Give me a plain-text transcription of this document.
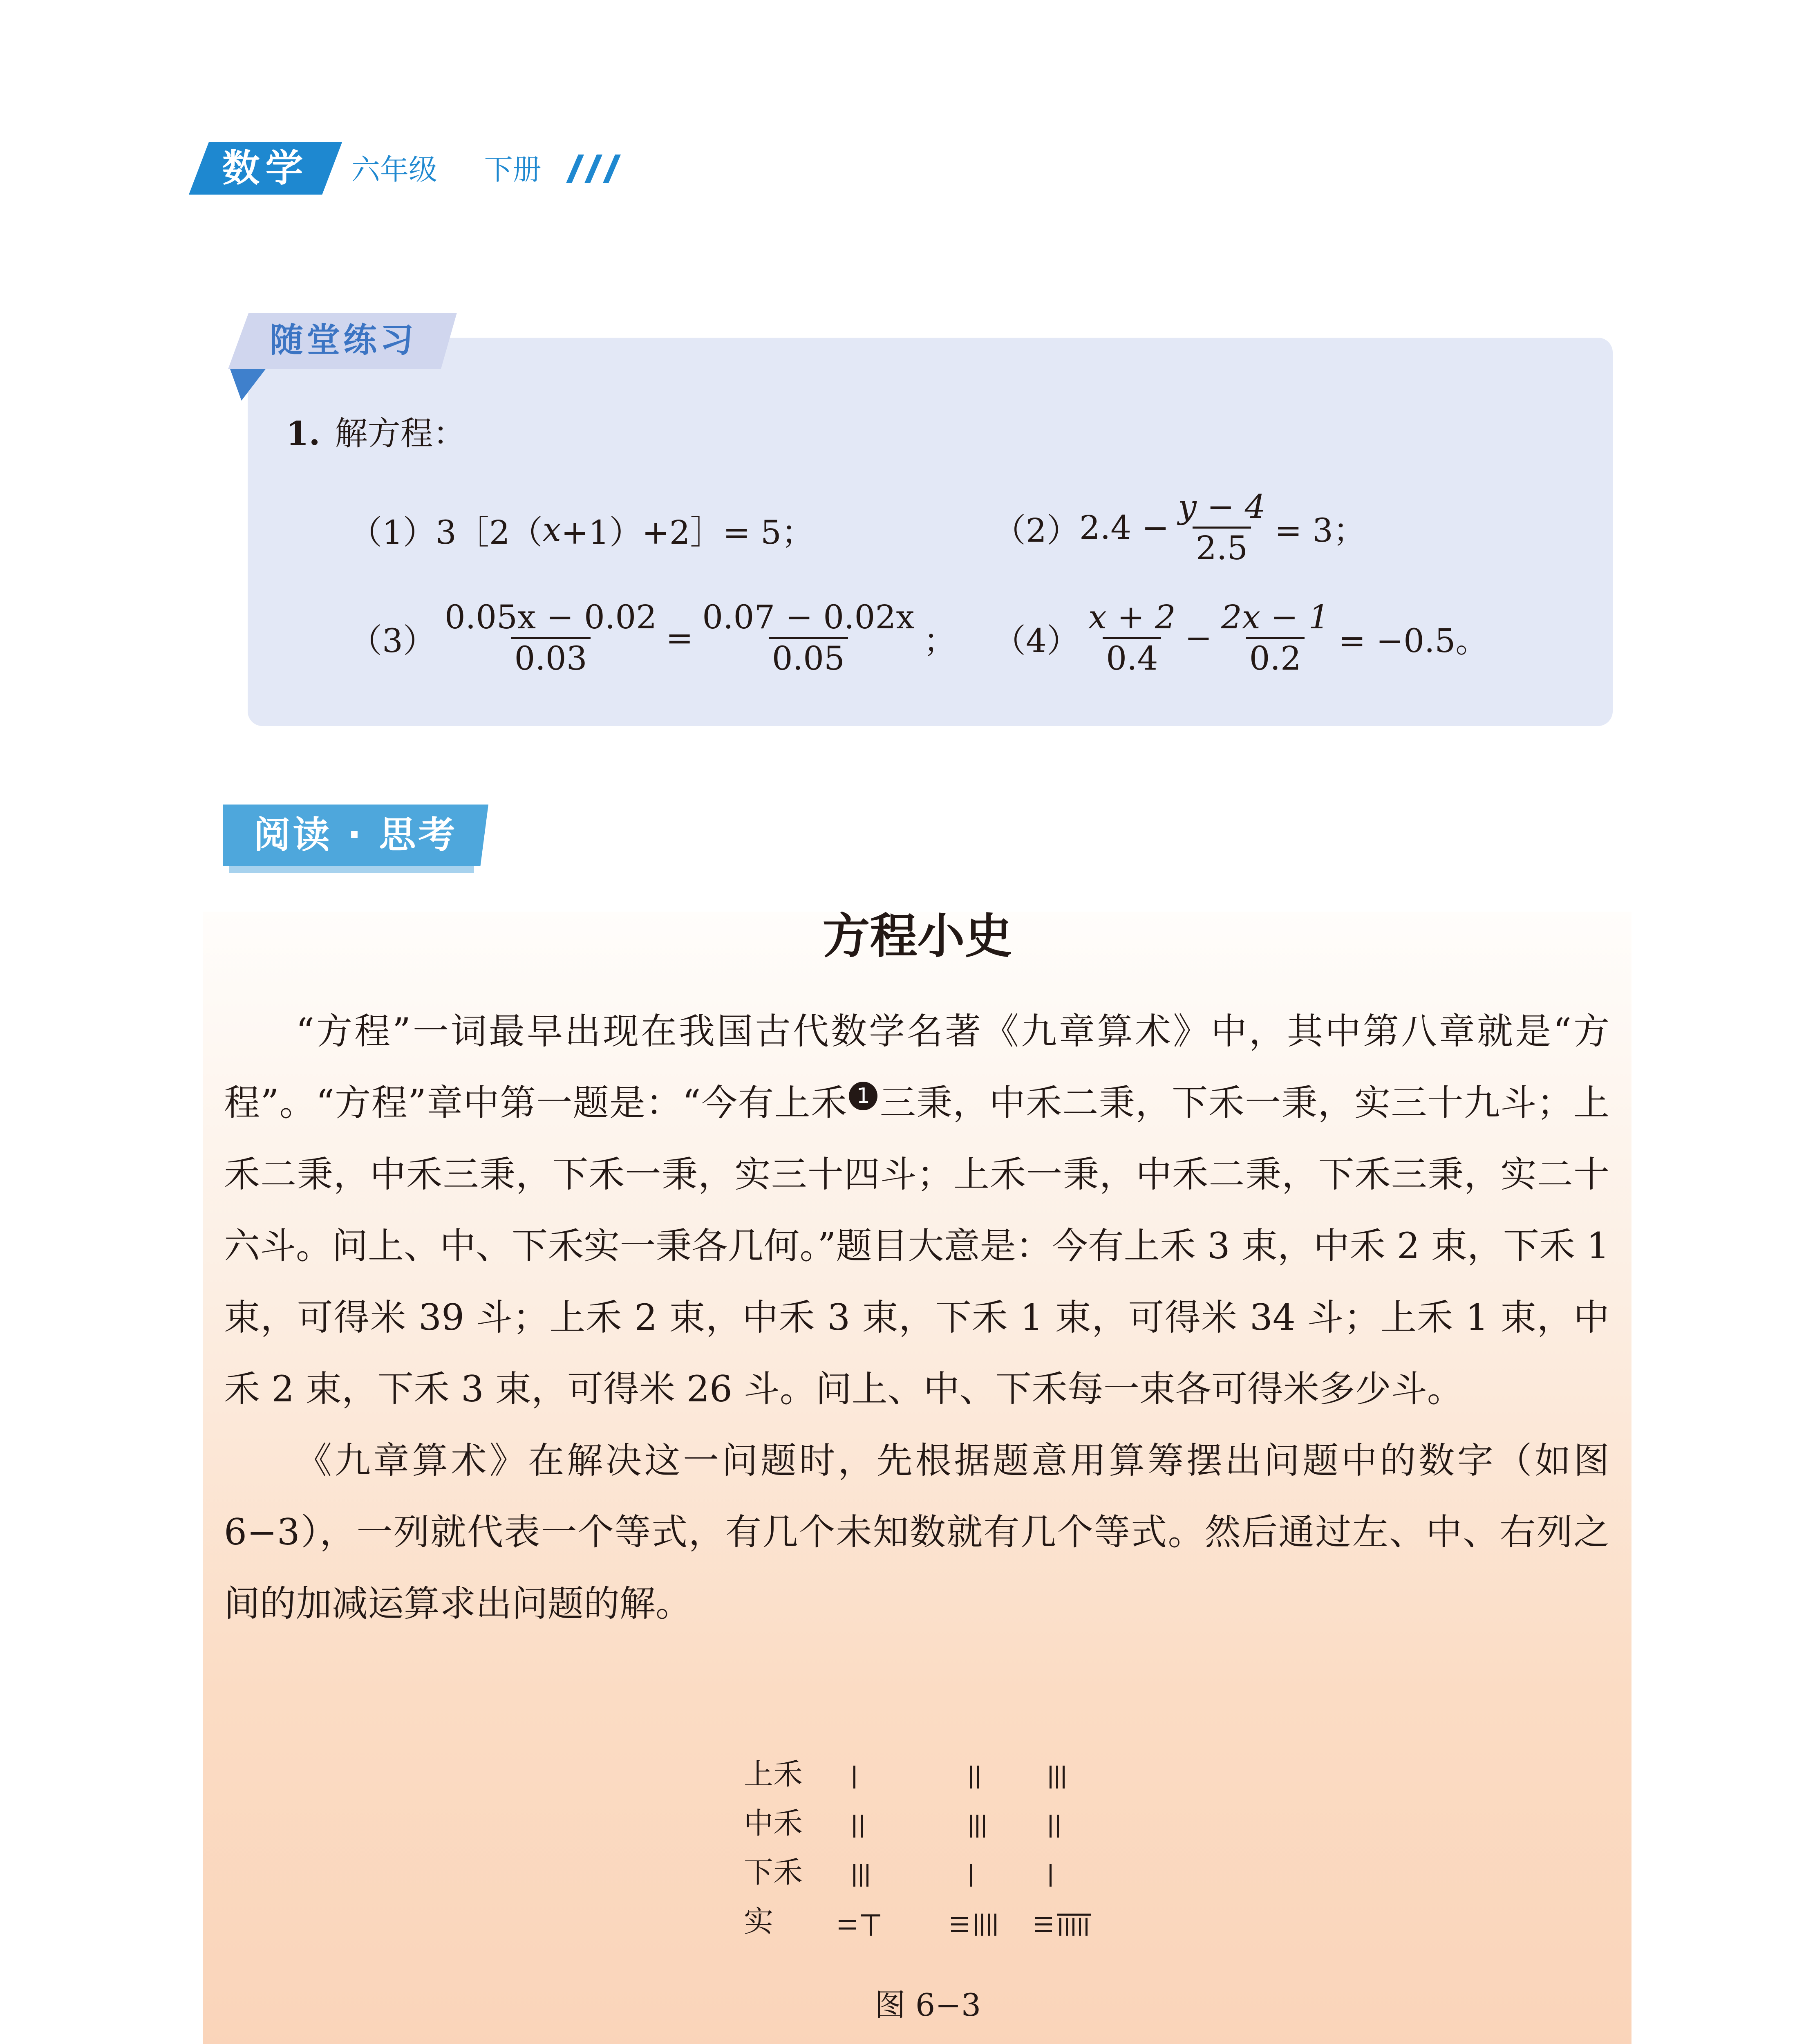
数学	六年级 下册
随堂练习
1. 解方程：
（1） 3［2（ x +1）+2］= 5；	（2） $2.4 - \frac{y - 4}{2.5} = 3$；
$(3) \frac{0.05x - 0.02}{0.03} = \frac{0.07 - 0.02x}{0.05}$ ； $(4) \frac{x + 2}{0.4} - \frac{2x - 1}{0.2} = -0.5$。
阅读 · 思考
方程小史

“方程”一词最早出现在我国古代数学名著《九章算术》中，其中第八章就是“方程”。“方程”章中第一题是：“今有上禾 1 三秉，中禾二秉，下禾一秉，实三十九斗；上禾二秉，中禾三秉，下禾一秉，实三十四斗；上禾一秉，中禾二秉，下禾三秉，实二十六斗。问上、中、下禾实一秉各几何。”题目大意是：今有上禾 3 束，中禾 2 束，下禾 1 束，可得米 39 斗；上禾 2 束，中禾 3 束，下禾 1 束，可得米 34 斗；上禾 1 束，中禾 2 束，下禾 3 束，可得米 26 斗。问上、中、下禾每一束各可得米多少斗。

《九章算术》在解决这一问题时，先根据题意用算筹摆出问题中的数字（如图 6−3），一列就代表一个等式，有几个未知数就有几个等式。然后通过左、中、右列之间的加减运算求出问题的解。

上禾
中禾
下禾
实
图 6−3
